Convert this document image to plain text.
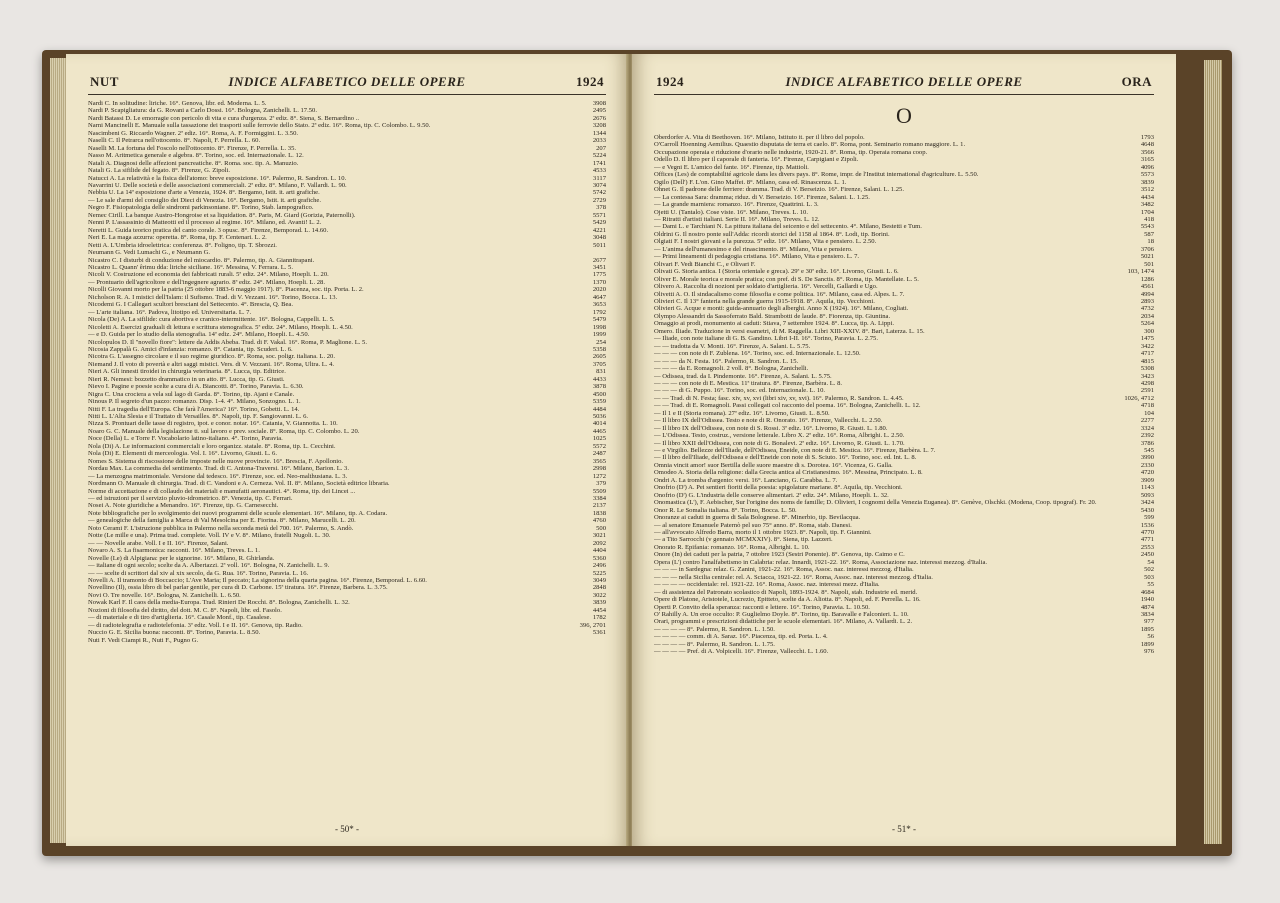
NUT	INDICE ALFABETICO DELLE OPERE	1924
Nardi C. In solitudine: liriche. 16°. Genova, libr. ed. Moderna. L. 5.	3908
Nardi P. Scapigliatura: da G. Rovani a Carlo Dossi. 16°. Bologna, Zanichelli. L. 17.50.	2495
Nardi Batassi D. Le emorragie con pericolo di vita e cura d'urgenza. 2ª ediz. 8°. Siena, S. Bernardino ..	2676
Narni Mancinelli E. Manuale sulla tassazione dei trasporti sulle ferrovie dello Stato. 2ª ediz. 16°. Roma, tip. C. Colombo. L. 9.50.	3208
Nascimbeni G. Riccardo Wagner. 2ª ediz. 16°. Roma, A. F. Formiggini. L. 3.50.	1344
Naselli C. Il Petrarca nell'ottocento. 8°. Napoli, F. Perrella. L. 60.	2033
Naselli M. La fortuna del Foscolo nell'ottocento. 8°. Firenze, F. Perrella. L. 35.	207
Nasso M. Aritmetica generale e algebra. 8°. Torino, soc. ed. Internazionale. L. 12.	5224
Natali A. Diagnosi delle affezioni pancreatiche. 8°. Roma. soc. tip. A. Manuzio.	1741
Natali G. La sifilide del fegato. 8°. Firenze, G. Zipoli.	4533
Natucci A. La relatività e la fisica dell'atomo: breve esposizione. 16°. Palermo, R. Sandron. L. 10.	3117
Navarrini U. Delle società e delle associazioni commerciali. 2ª ediz. 8°. Milano, F. Vallardi. L. 90.	3074
Nebbia U. La 14ª esposizione d'arte a Venezia, 1924. 8°. Bergamo, Istit. it. arti grafiche.	5742
— Le sale d'armi del consiglio dei Dieci di Venezia. 16°. Bergamo, Istit. it. arti grafiche.	2729
Negro F. Fisiopatologia delle sindromi parkinsoniane. 8°. Torino, Stab. lampografico.	378
Nemec Cirill. La banque Austro-Hongroise et sa liquidation. 8°. Paris, M. Giard (Gorizia, Paternolli).	5571
Nenni P. L'assassinio di Matteotti ed il processo al regime. 16°. Milano, ed. Avanti! L. 2.	5429
Neretti L. Guida teorico pratica del canto corale. 3 opusc. 8°. Firenze, Bemporad. L. 14.60.	4221
Neri E. La maga azzurra: operetta. 8°. Roma, tip. F. Centenari. L. 2.	3048
Netti A. L'Umbria idroelettrica: conferenza. 8°. Foligno, tip. T. Sbrozzi.	5011
Neumann G. Vedi Lumachi G., e Neumann G.
Nicastro C. I disturbi di conduzione del miocardio. 8°. Palermo, tip. A. Giannitrapani.	2677
Nicastro L. Quann' êrimu dda: liriche siciliane. 16°. Messina, V. Ferrara. L. 5.	3451
Nicoli V. Costruzione ed economia dei fabbricati rurali. 5ª ediz. 24°. Milano, Hoepli. L. 20.	1775
— Prontuario dell'agricoltore e dell'ingegnere agrario. 8ª ediz. 24°. Milano, Hoepli. L. 28.	1370
Nicolli Giovanni morto per la patria (25 ottobre 1883-6 maggio 1917). 8°. Piacenza, soc. tip. Porta. L. 2.	2020
Nicholson R. A. I mistici dell'Islam: il Sufismo. Trad. di V. Vezzani. 16°. Torino, Bocca. L. 13.	4647
Nicodemi G. I Callegari scultori bresciani del Settecento. 4°. Brescia, Q. Bea.	3653
— L'arte italiana. 16°. Padova, litotipo ed. Universitaria. L. 7.	1792
Nicola (De) A. La sifilide: cura abortiva e cranico-intermittente. 16°. Bologna, Cappelli. L. 5.	5479
Nicoletti A. Esercizi graduali di lettura e scrittura stenografica. 5ª ediz. 24°. Milano, Hoepli. L. 4.50.	1998
— e D. Guida per lo studio della stenografia. 14ª ediz. 24°. Milano, Hoepli. L. 4.50.	1999
Nicolopulos D. Il "novello fiore": lettere da Addis Abeba. Trad. di F. Vakal. 16°. Roma, P. Maglione. L. 5.	254
Nicosia Zappalà G. Amici d'infanzia: romanzo. 8°. Catania, tip. Scuderi. L. 6.	5358
Nicotra G. L'assegno circolare e il suo regime giuridico. 8°. Roma, soc. poligr. italiana. L. 20.	2605
Niemand J. Il voto di povertà e altri saggi mistici. Vers. di V. Vezzani. 16°. Roma, Ultra. L. 4.	3705
Nieri A. Gli innesti tiroidei in chirurgia veterinaria. 8°. Lucca, tip. Editrice.	831
Nieri R. Nemesi: bozzetto drammatico in un atto. 8°. Lucca, tip. G. Giusti.	4433
Nievo I. Pagine e poesie scelte a cura di A. Biancotti. 8°. Torino, Paravia. L. 6.30.	3878
Nigra C. Una crociera a vela sul lago di Garda. 8°. Torino, tip. Ajani e Canale.	4500
Ninous P. Il segreto d'un pazzo: romanzo. Disp. 1-4. 4°. Milano, Sonzogno. L. 1.	5359
Nitti F. La tragedia dell'Europa. Che farà l'America? 16°. Torino, Gobetti. L. 14.	4484
Nitti L. L'Alta Slesia e il Trattato di Versailles. 8°. Napoli, tip. F. Sangiovanni. L. 6.	5036
Nizza S. Prontuari delle tasse di registro, ipot. e conor. notar. 16°. Catania, V. Giannotta. L. 10.	4014
Noaro G. C. Manuale della legislazione ti. sul lavoro e prev. sociale. 8°. Roma, tip. C. Colombo. L. 20.	4465
Noce (Della) L. e Torre F. Vocabolario latino-italiano. 4°. Torino, Paravia.	1025
Nola (Di) A. Le informazioni commerciali e loro organizz. statale. 8°. Roma, tip. L. Cecchini.	5572
Nola (Di) E. Elementi di merceologia. Vol. I. 16°. Livorno, Giusti. L. 6.	2487
Nomes S. Sistema di riscossione delle imposte nelle nuove provincie. 16°. Brescia, F. Apollonio.	3565
Nordau Max. La commedia del sentimento. Trad. di C. Antona-Traversi. 16°. Milano, Barion. L. 3.	2998
— La menzogna matrimoniale. Versione dal tedesco. 16°. Firenze, soc. ed. Neo-malthusiana. L. 3.	1272
Nordmann O. Manuale di chirurgia. Trad. di C. Vandoni e A. Cerneza. Vol. II. 8°. Milano, Società editrice libraria.	379
Norme di accettazione e di collaudo dei materiali e manufatti aeronautici. 4°. Roma, tip. dei Lincei ...	5509
— ed istruzioni per il servizio pluvio-idrometrico. 8°. Venezia, tip. C. Ferrari.	3384
Nosei A. Note giuridiche a Menandro. 16°. Firenze, tip. G. Carnesecchi.	2137
Note bibliografiche per lo svolgimento dei nuovi programmi delle scuole elementari. 16°. Milano, tip. A. Codara.	1838
— genealogiche della famiglia a Marca di Val Mesolcina per E. Fiorina. 8°. Milano, Marucelli. L. 20.	4760
Noto Cerami F. L'istruzione pubblica in Palermo nella seconda metà del 700. 16°. Palermo, S. Andò.	500
Notte (Le mille e una). Prima trad. complete. Voll. IV e V. 8°. Milano, fratelli Nugoli. L. 30.	3021
— — Novelle arabe. Voll. I e II. 16°. Firenze, Salani.	2092
Novaro A. S. La fisarmonica: racconti. 16°. Milano, Treves. L. 1.	4404
Novelle (Le) di Alpigiana: per le signorine. 16°. Milano, R. Ghirlanda.	5360
— italiane di ogni secolo; scelte da A. Albertazzi. 2ª voll. 16°. Bologna, N. Zanichelli. L. 9.	2496
— — scelte di scrittori dal xiv al xix secolo, da G. Rua. 16°. Torino, Paravia. L. 16.	5225
Novelli A. Il tramonto di Boccaccio; L'Ave Maria; Il peccato; La signorina della quarta pagina. 16°. Firenze, Bemporad. L. 6.60.	3049
Novellino (Il), ossia libro di bel parlar gentile, per cura di D. Carbone. 15ª tiratura. 16°. Firenze, Barbera. L. 3.75.	2848
Novi O. Tre novelle. 16°. Bologna, N. Zanichelli. L. 6.50.	3022
Nowak Karl F. Il caos della media-Europa. Trad. Rinieri De Rocchi. 8°. Bologna, Zanichelli. L. 32.	3839
Nozioni di filosofia del diritto, del dott. M. C. 8°. Napoli, libr. ed. Fasolo.	4454
— di materiale e di tiro d'artiglieria. 16°. Casale Monf., tip. Casalese.	1782
— di radiotelegrafia e radiotelefonia. 3ª ediz. Voll. I e II. 16°. Genova, tip. Radio.	396, 2701
Nuccio G. E. Sicilia buona: racconti. 8°. Torino, Paravia. L. 8.50.	5361
Nuti F. Vedi Ciampi R., Nuti F., Pugno G.
- 50* -
1924	INDICE ALFABETICO DELLE OPERE	ORA
O
Oberdorfer A. Vita di Beethoven. 16°. Milano, Istituto it. per il libro del popolo.	1793
O'Carroll Hoenning Aemilius. Quaestio disputata de terra et caelo. 8°. Roma, pont. Seminario romano maggiore. L. 1.	4648
Occupazione operaia e riduzione d'orario nelle industrie, 1920-21. 8°. Roma, tip. Operaia romana coop.	3566
Odello D. Il libro per il caporale di fanteria. 16°. Firenze, Carpigiani e Zipoli.	3165
— e Vegni E. L'amico del fante. 16°. Firenze, tip. Mattioli.	4096
Offices (Les) de comptabilité agricole dans les divers pays. 8°. Rome, impr. de l'Institut international d'agriculture. L. 5.50.	5573
Ogilo (Dell') F. L'on. Gino Maffei. 8°. Milano, casa ed. Rinascenza. L. 1.	3839
Ohnet G. Il padrone delle ferriere: dramma. Trad. di V. Berseizio. 16°. Firenze, Salani. L. 1.25.	3512
— La contessa Sara: dramma; riduz. di V. Berseizio. 16°. Firenze, Salani. L. 1.25.	4434
— La grande marniera: romanzo. 16°. Firenze, Quattrini. L. 3.	3482
Ojetti U. (Tantalo). Cose viste. 16°. Milano, Treves. L. 10.	1704
— Ritratti d'artisti italiani. Serie II. 16°. Milano, Treves. L. 12.	418
— Dami L. e Tarchiani N. La pittura italiana del seicento e del settecento. 4°. Milano, Bestetti e Tum.	5543
Oldrini G. Il nostro ponte sull'Adda: ricordi storici del 1158 al 1864. 8°. Lodi, tip. Borini.	587
Olgiati F. I nostri giovani e la purezza. 5ª ediz. 16°. Milano, Vita e pensiero. L. 2.50.	18
— L'anima dell'umanesimo e del rinascimento. 8°. Milano, Vita e pensiero.	3706
— Primi lineamenti di pedagogia cristiana. 16°. Milano, Vita e pensiero. L. 7.	5021
Olivari F. Vedi Bianchi C., e Olivari F.	501
Olivati G. Storia antica. I (Storia orientale e greca). 29ª e 30ª ediz. 16°. Livorno, Giusti. L. 6.	103, 1474
Oliver E. Morale teorica e morale pratica; con pref. di S. De Sanctis. 8°. Roma, tip. Mantellate. L. 5.	1286
Olivero A. Raccolta di nozioni per soldato d'artiglieria. 16°. Vercelli, Gallardi e Ugo.	4561
Olivetti A. O. Il sindacalismo come filosofia e come politica. 16°. Milano, casa ed. Alpes. L. 7.	4994
Olivieri C. Il 13° fanteria nella grande guerra 1915-1918. 8°. Aquila, tip. Vecchioni.	2893
Olivieri G. Acque e monti: guida-annuario degli alberghi. Anno X (1924). 16°. Milano, Cogliati.	4732
Olympo Alessandri da Sassoferrato Bald. Strambotti de laude. 8°. Fiorenza, tip. Giuntina.	2034
Omaggio ai prodi, monumento ai caduti: Stiava, 7 settembre 1924. 8°. Lucca, tip. A. Lippi.	5264
Omero. Iliade. Traduzione in versi esametri, di M. Raggella. Libri XIII-XXIV. 8°. Bari, Laterza. L. 15.	300
— Iliade, con note italiane di G. B. Gandino. Libri I-II. 16°. Torino, Paravia. L. 2.75.	1475
— — tradotta da V. Monti. 16°. Firenze, A. Salani. L. 5.75.	3422
— — — con note di F. Zublena. 16°. Torino, soc. ed. Internazionale. L. 12.50.	4717
— — — da N. Festa. 16°. Palermo, R. Sandron. L. 15.	4815
— — — da E. Romagnoli. 2 voll. 8°. Bologna, Zanichelli.	5308
— Odissea, trad. da I. Pindemonte. 16°. Firenze, A. Salani. L. 5.75.	3423
— — — con note di E. Mestica. 11ª tiratura. 8°. Firenze, Barbèra. L. 8.	4298
— — — di G. Puppo. 16°. Torino, soc. ed. Internazionale. L. 10.	2591
— — Trad. di N. Festa; fasc. xiv, xv, xvi (libri xiv, xv, xvi). 16°. Palermo, R. Sandron. L. 4.45.	1026, 4712
— — Trad. di E. Romagnoli. Passi collegati col racconto del poema. 16°. Bologna, Zanichelli. L. 12.	4718
— Il 1 e II (Storia romana). 27ª ediz. 16°. Livorno, Giusti. L. 8.50.	104
— Il libro IX dell'Odissea. Testo e note di R. Onorato. 16°. Firenze, Vallecchi. L. 2.50.	2277
— Il libro IX dell'Odissea, con note di S. Rossi. 3ª ediz. 16°. Livorno, R. Giusti. L. 1.80.	3324
— L'Odissea. Testo, costruz., versione letterale. Libro X. 2ª ediz. 16°. Roma, Albrighi. L. 2.50.	2392
— Il libro XXII dell'Odissea, con note di G. Bonalevi. 2ª ediz. 16°. Livorno, R. Giusti. L. 1.70.	3786
— e Virgilio. Bellezze dell'Iliade, dell'Odissea, Eneide, con note di E. Mestica. 16°. Firenze, Barbèra. L. 7.	545
— Il libro dell'Iliade, dell'Odissea e dell'Eneide con note di S. Sciuto. 16°. Torino, soc. ed. Int. L. 8.	3990
Omnia vincit amor! suor Bertilla delle suore maestre di s. Dorotea. 16°. Vicenza, G. Galla.	2330
Omodeo A. Storia della religione: dalla Grecia antica al Cristianesimo. 16°. Messina, Principato. L. 8.	4720
Ondri A. La tromba d'argento: versi. 16°. Lanciano, G. Carabba. L. 7.	3909
Onofrio (D') A. Pei sentieri fioriti della poesia: spigolature mariane. 8°. Aquila, tip. Vecchioni.	1143
Onofrio (D') G. L'industria delle conserve alimentari. 2ª ediz. 24°. Milano, Hoepli. L. 32.	5093
Onomastica (L'), F. Aebischer, Sur l'origine des noms de famille; D. Olivieri, I cognomi della Venezia Euganea). 8°. Genève, Olschki. (Modena, Coop. tipograf). Fr. 20.	3424
Onor R. Le Somalia italiana. 8°. Torino, Bocca. L. 50.	5430
Onoranze ai caduti in guerra di Sala Bolognese. 8°. Minerbio, tip. Bevilacqua.	599
— al senatore Emanuele Paternò pel suo 75° anno. 8°. Roma, stab. Danesi.	1536
— all'avvocato Alfredo Barra, morto il 1 ottobre 1923. 8°. Napoli, tip. F. Giannini.	4770
— a Tito Sarrocchi (v gennaio MCMXXIV). 8°. Siena, tip. Lazzeri.	4771
Onorato R. Epifania: romanzo. 16°. Roma, Albrighi. L. 10.	2553
Onore (In) dei caduti per la patria, 7 ottobre 1923 (Sestri Ponente). 8°. Genova, tip. Caimo e C.	2450
Opera (L') contro l'analfabetismo in Calabria: relaz. Innardi, 1921-22. 16°. Roma, Associazione naz. interessi mezzog. d'Italia.	54
— — — in Sardegna: relaz. G. Zanini, 1921-22. 16°. Roma, Assoc. naz. interessi mezzog. d'Italia.	502
— — — nella Sicilia centrale: rel. A. Sciacca, 1921-22. 16°. Roma, Assoc. naz. interessi mezzog. d'Italia.	503
— — — — occidentale: rel. 1921-22. 16°. Roma, Assoc. naz. interessi mezz. d'Italia.	55
— di assistenza del Patronato scolastico di Napoli, 1893-1924. 8°. Napoli, stab. Industrie ed. merid.	4684
Opere di Platone, Aristotele, Lucrezio, Epitteto, scelte da A. Aliotta. 8°. Napoli, ed. F. Perrella. L. 16.	1940
Operti P. Convito della speranza: racconti e lettere. 16°. Torino, Paravia. L. 10.50.	4874
O' Rahilly A. Un eroe occulto: P. Guglielmo Doyle. 8°. Torino, tip. Baravalle e Falconieri. L. 10.	3834
Orari, programmi e prescrizioni didattiche per le scuole elementari. 16°. Milano, A. Vallardi. L. 2.	977
— — — — 8°. Palermo, R. Sandron. L. 1.50.	1895
— — — — comm. di A. Saraz. 16°. Piacenza, tip. ed. Porta. L. 4.	56
— — — — 8°. Palermo, R. Sandron. L. 1.75.	1899
— — — — Pref. di A. Volpicelli. 16°. Firenze, Vallecchi. L. 1.60.	976
- 51* -
